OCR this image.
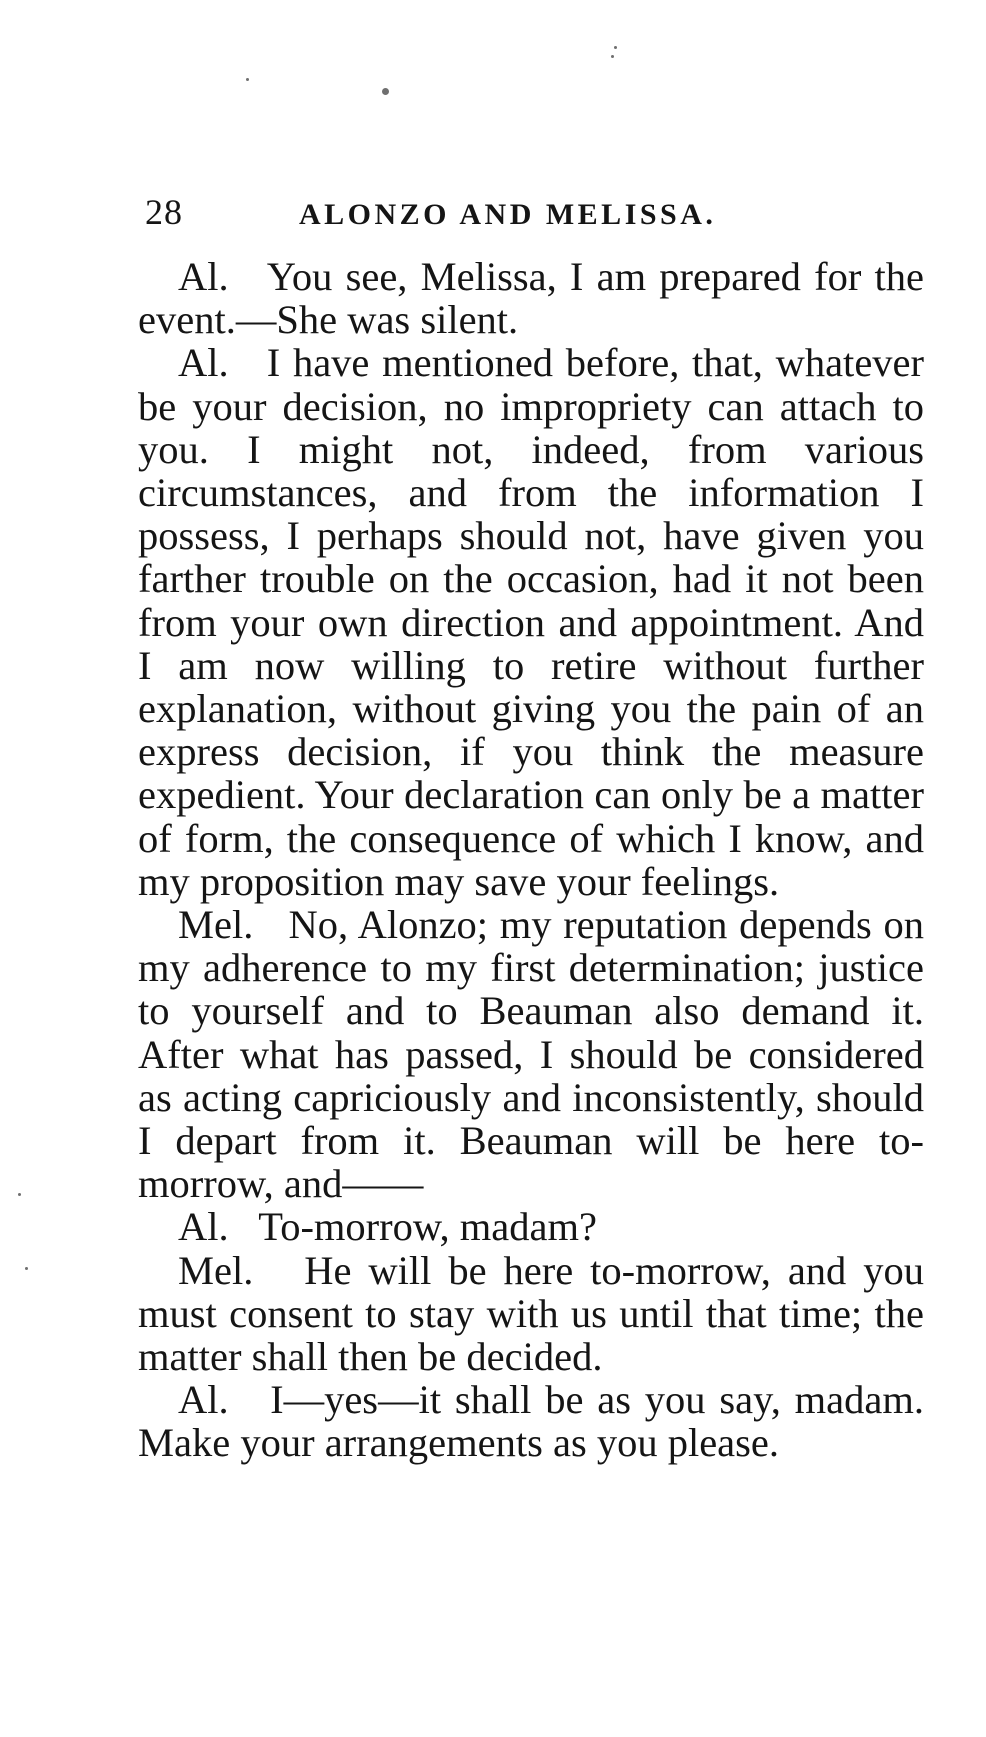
28	ALONZO AND MELISSA.

Al. You see, Melissa, I am prepared for the event.—She was silent.

Al. I have mentioned before, that, whatever be your decision, no impropriety can attach to you. I might not, indeed, from various circumstances, and from the information I possess, I perhaps should not, have given you farther trouble on the occasion, had it not been from your own direction and appointment. And I am now willing to retire without further explanation, without giving you the pain of an express decision, if you think the measure expedient. Your declaration can only be a matter of form, the consequence of which I know, and my proposition may save your feelings.

Mel. No, Alonzo; my reputation depends on my adherence to my first determination; justice to yourself and to Beauman also demand it. After what has passed, I should be considered as acting capriciously and inconsistently, should I depart from it. Beauman will be here to-morrow, and——

Al. To-morrow, madam?

Mel. He will be here to-morrow, and you must consent to stay with us until that time; the matter shall then be decided.

Al. I—yes—it shall be as you say, madam. Make your arrangements as you please.
